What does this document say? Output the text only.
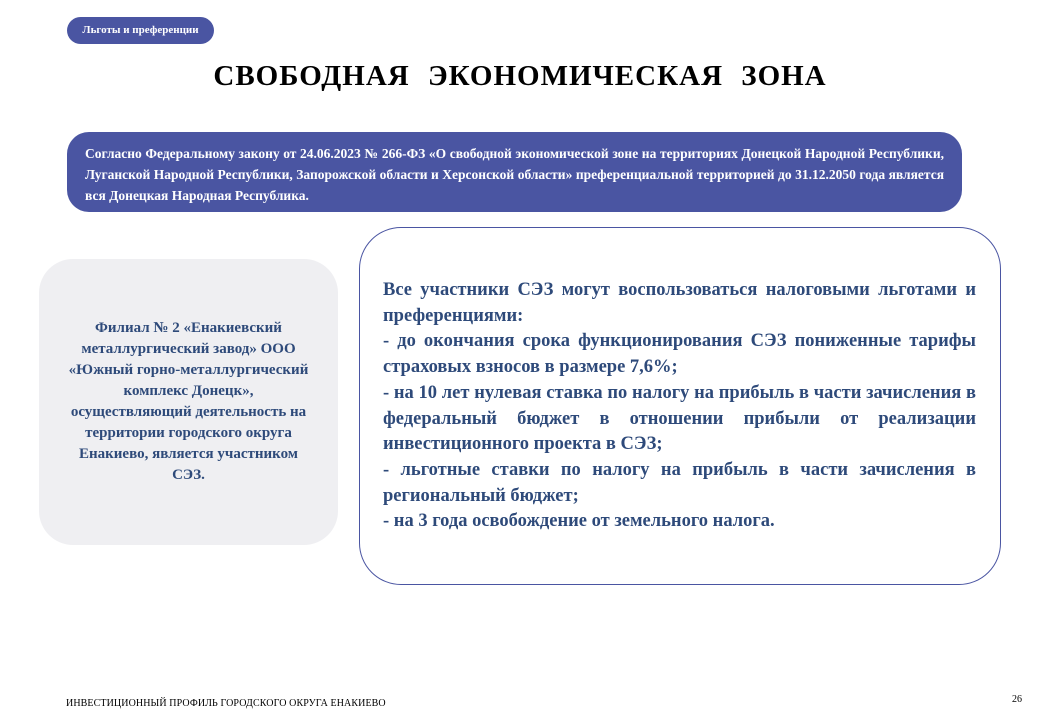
Льготы и преференции
СВОБОДНАЯ ЭКОНОМИЧЕСКАЯ ЗОНА
Согласно Федеральному закону от 24.06.2023 № 266-ФЗ «О свободной экономической зоне на территориях Донецкой Народной Республики, Луганской Народной Республики, Запорожской области и Херсонской области» преференциальной территорией до 31.12.2050 года является вся Донецкая Народная Республика.
Филиал № 2 «Енакиевский металлургический завод» ООО «Южный горно-металлургический комплекс Донецк», осуществляющий деятельность на территории городского округа Енакиево, является участником СЭЗ.

Все участники СЭЗ могут воспользоваться налоговыми льготами и преференциями:

- до окончания срока функционирования СЭЗ пониженные тарифы страховых взносов в размере 7,6%;

- на 10 лет нулевая ставка по налогу на прибыль в части зачисления в федеральный бюджет в отношении прибыли от реализации инвестиционного проекта в СЭЗ;

- льготные ставки по налогу на прибыль в части зачисления в региональный бюджет;

- на 3 года освобождение от земельного налога.

ИНВЕСТИЦИОННЫЙ ПРОФИЛЬ ГОРОДСКОГО ОКРУГА ЕНАКИЕВО	26
